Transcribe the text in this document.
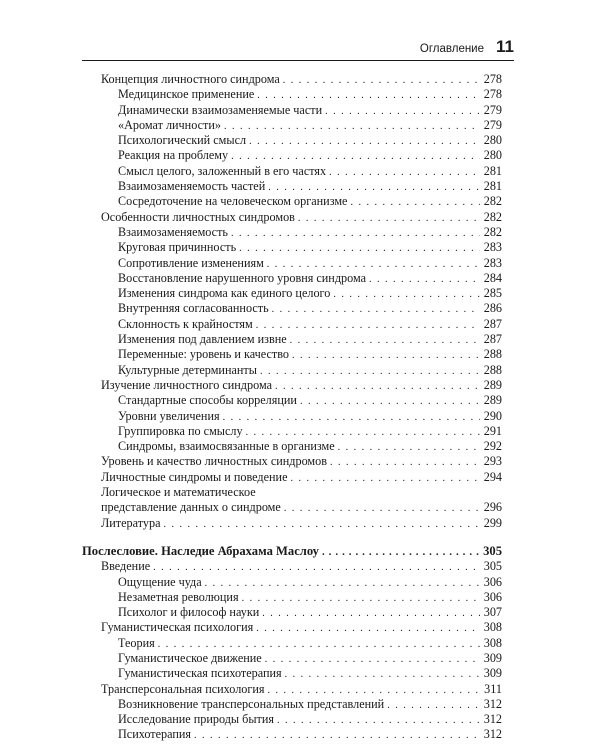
Оглавление 11
Концепция личностного синдрома . . .	278
Медицинское применение . . .	278
Динамически взаимозаменяемые части . . .	279
«Аромат личности» . . .	279
Психологический смысл . . .	280
Реакция на проблему . . .	280
Смысл целого, заложенный в его частях . . .	281
Взаимозаменяемость частей . . .	281
Сосредоточение на человеческом организме . . .	282
Особенности личностных синдромов . . .	282
Взаимозаменяемость . . .	282
Круговая причинность . . .	283
Сопротивление изменениям . . .	283
Восстановление нарушенного уровня синдрома . . .	284
Изменения синдрома как единого целого . . .	285
Внутренняя согласованность . . .	286
Склонность к крайностям . . .	287
Изменения под давлением извне . . .	287
Переменные: уровень и качество . . .	288
Культурные детерминанты . . .	288
Изучение личностного синдрома . . .	289
Стандартные способы корреляции . . .	289
Уровни увеличения . . .	290
Группировка по смыслу . . .	291
Синдромы, взаимосвязанные в организме . . .	292
Уровень и качество личностных синдромов . . .	293
Личностные синдромы и поведение . . .	294
Логическое и математическое
представление данных о синдроме . . .	296
Литература . . .	299
Послесловие. Наследие Абрахама Маслоу . . .	305
Введение . . .	305
Ощущение чуда . . .	306
Незаметная революция . . .	306
Психолог и философ науки . . .	307
Гуманистическая психология . . .	308
Теория . . .	308
Гуманистическое движение . . .	309
Гуманистическая психотерапия . . .	309
Трансперсональная психология . . .	311
Возникновение трансперсональных представлений . . .	312
Исследование природы бытия . . .	312
Психотерапия . . .	312
